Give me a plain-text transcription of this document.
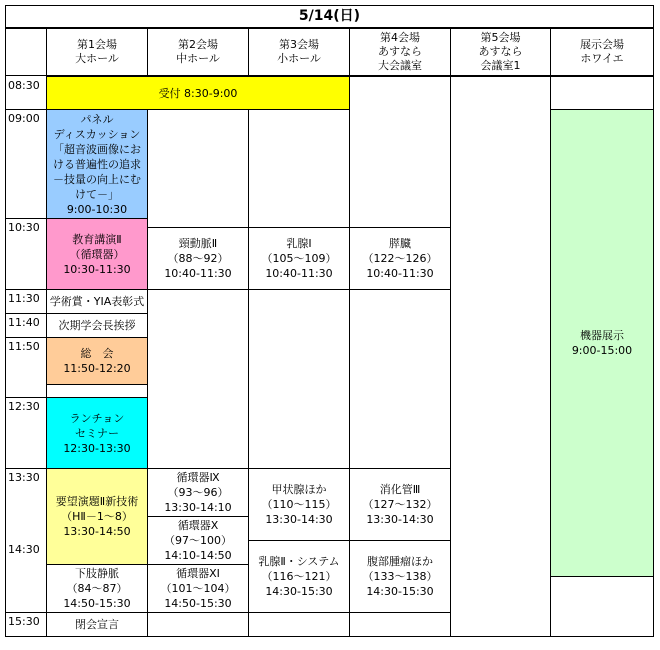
5/14(日)
第1会場
大ホール
第2会場
中ホール
第3会場
小ホール
第4会場
あすなら
大会議室
第5会場
あすなら
会議室1
展示会場
ホワイエ
08:30
09:00
10:30
11:30
11:40
11:50
12:30
13:30
14:30
15:30
受付 8:30-9:00
パネル
ディスカッション
「超音波画像にお
ける普遍性の追求
－技量の向上にむ
けて－」
9:00-10:30
教育講演Ⅱ
（循環器）
10:30-11:30
学術賞・YIA表彰式
次期学会長挨拶
総　会
11:50-12:20
ランチョン
セミナー
12:30-13:30
要望演題Ⅱ新技術
（HⅡ－1～8）
13:30-14:50
下肢静脈
（84～87）
14:50-15:30
閉会宣言
頸動脈Ⅱ
（88～92）
10:40-11:30
循環器Ⅸ
（93～96）
13:30-14:10
循環器Ⅹ
（97～100）
14:10-14:50
循環器ⅩⅠ
（101～104）
14:50-15:30
乳腺Ⅰ
（105～109）
10:40-11:30
甲状腺ほか
（110～115）
13:30-14:30
乳腺Ⅱ・システム
（116～121）
14:30-15:30
膵臓
（122～126）
10:40-11:30
消化管Ⅲ
（127～132）
13:30-14:30
腹部腫瘤ほか
（133～138）
14:30-15:30
機器展示
9:00-15:00
